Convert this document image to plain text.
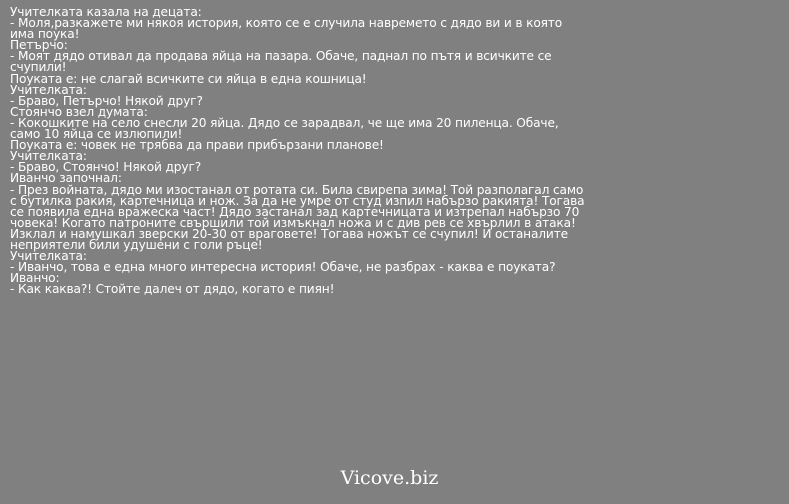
Учителката казала на децата:
- Моля,разкажете ми някоя история, която се е случила навремето с дядо ви и в която има поука!
Петърчо:
- Моят дядо отивал да продава яйца на пазара. Обаче, паднал по пътя и всичките се счупили!
Поуката е: не слагай всичките си яйца в една кошница!
Учителката:
- Браво, Петърчо! Някой друг?
Стоянчо взел думата:
- Кокошките на село снесли 20 яйца. Дядо се зарадвал, че ще има 20 пиленца. Обаче, само 10 яйца се излюпили!
Поуката е: човек не трябва да прави прибързани планове!
Учителката:
- Браво, Стоянчо! Някой друг?
Иванчо започнал:
- През войната, дядо ми изостанал от ротата си. Била свирепа зима! Той разполагал само с бутилка ракия, картечница и нож. За да не умре от студ изпил набързо ракията! Тогава се появила една вражеска част! Дядо застанал зад картечницата и изтрепал набързо 70 човека! Когато патроните свършили той измъкнал ножа и с див рев се хвърлил в атака! Изклал и намушкал зверски 20-30 от враговете! Тогава ножът се счупил! И останалите неприятели били удушени с голи ръце!
Учителката:
- Иванчо, това е една много интересна история! Обаче, не разбрах - каква е поуката?
Иванчо:
- Как каква?! Стойте далеч от дядо, когато е пиян!
Vicove.biz
